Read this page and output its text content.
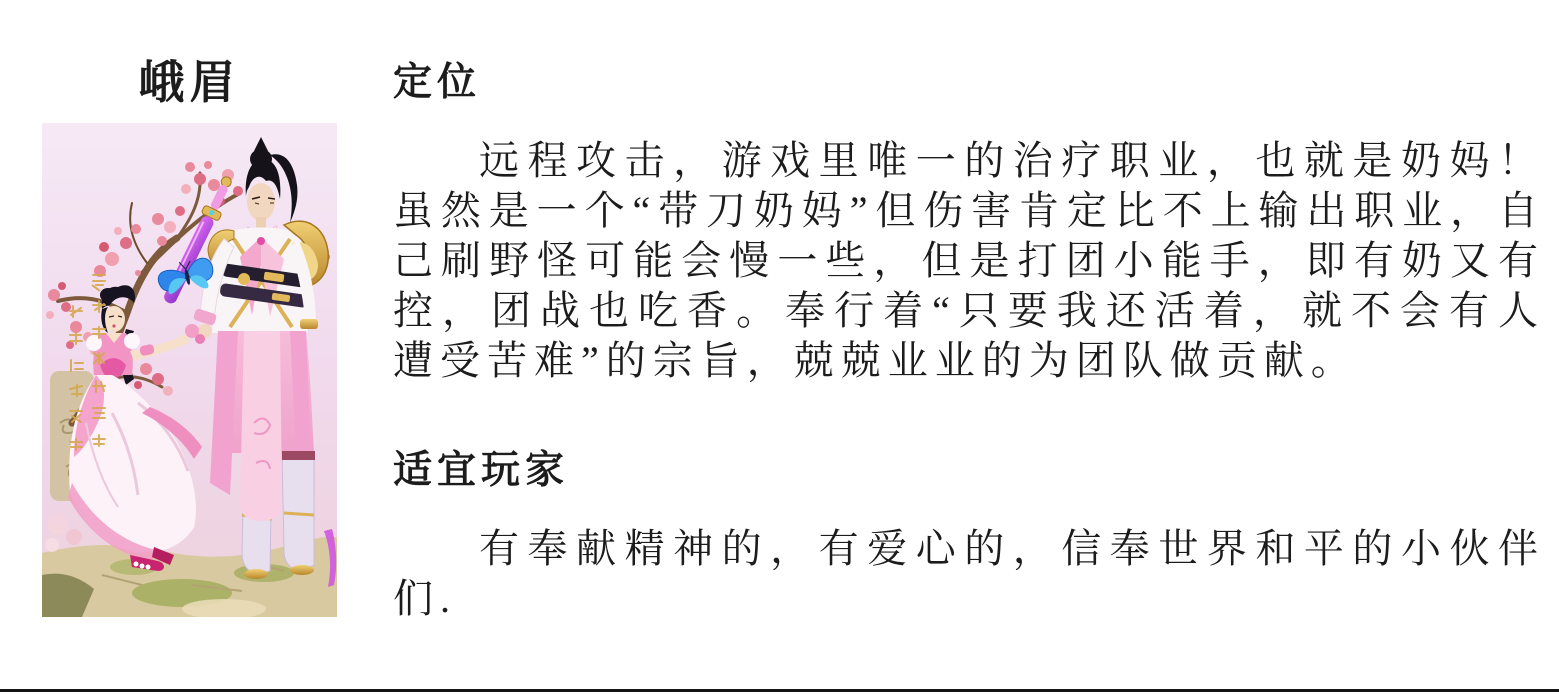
峨眉	定位

远程攻击，游戏里唯一的治疗职业，也就是奶妈！虽然是一个“带刀奶妈”但伤害肯定比不上输出职业，自己刷野怪可能会慢一些，但是打团小能手，即有奶又有控，团战也吃香。奉行着“只要我还活着，就不会有人遭受苦难”的宗旨，兢兢业业的为团队做贡献。

适宜玩家

有奉献精神的，有爱心的，信奉世界和平的小伙伴们.
